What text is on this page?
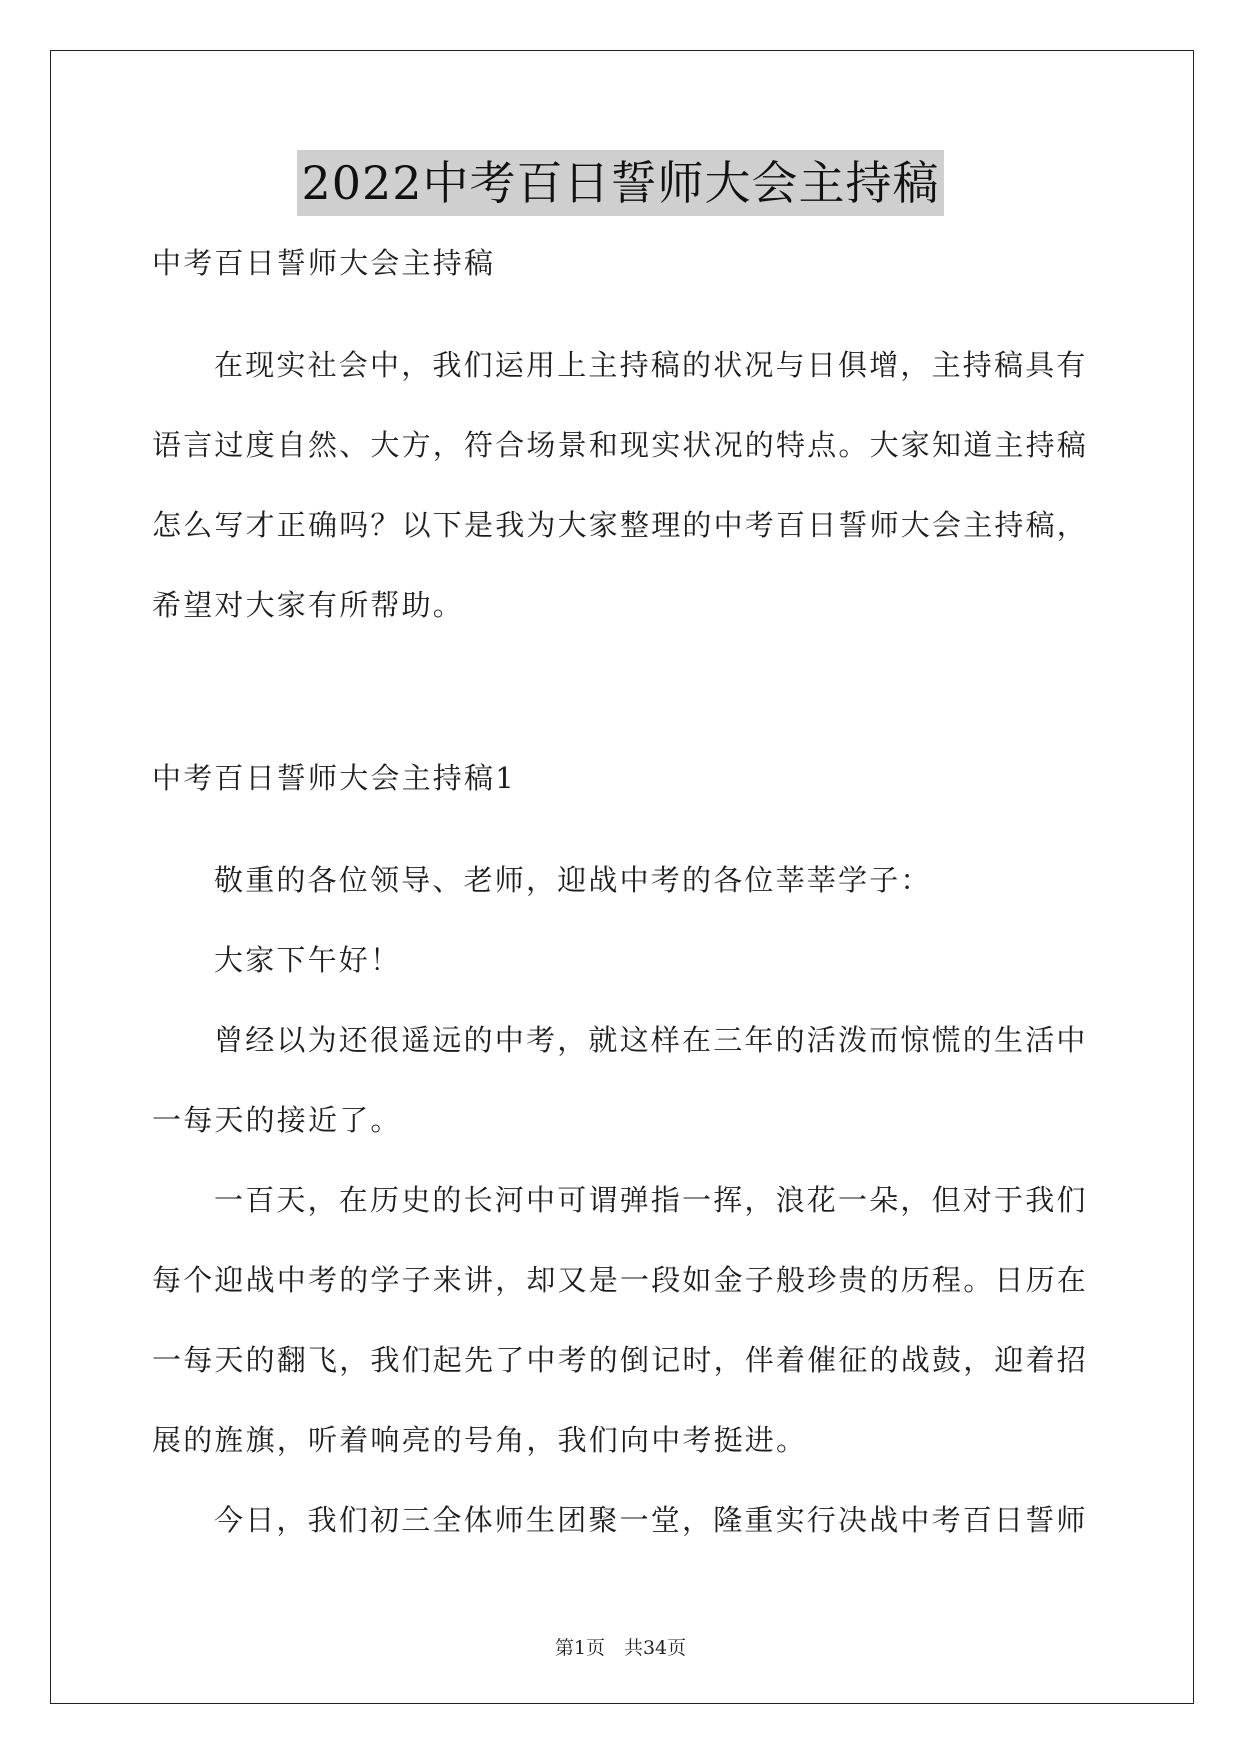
2022中考百日誓师大会主持稿
中考百日誓师大会主持稿
在现实社会中，我们运用上主持稿的状况与日俱增，主持稿具有
语言过度自然、大方，符合场景和现实状况的特点。大家知道主持稿
怎么写才正确吗？以下是我为大家整理的中考百日誓师大会主持稿，
希望对大家有所帮助。
中考百日誓师大会主持稿1
敬重的各位领导、老师，迎战中考的各位莘莘学子：
大家下午好！
曾经以为还很遥远的中考，就这样在三年的活泼而惊慌的生活中
一每天的接近了。
一百天，在历史的长河中可谓弹指一挥，浪花一朵，但对于我们
每个迎战中考的学子来讲，却又是一段如金子般珍贵的历程。日历在
一每天的翻飞，我们起先了中考的倒记时，伴着催征的战鼓，迎着招
展的旌旗，听着响亮的号角，我们向中考挺进。
今日，我们初三全体师生团聚一堂，隆重实行决战中考百日誓师
第1页　共34页
